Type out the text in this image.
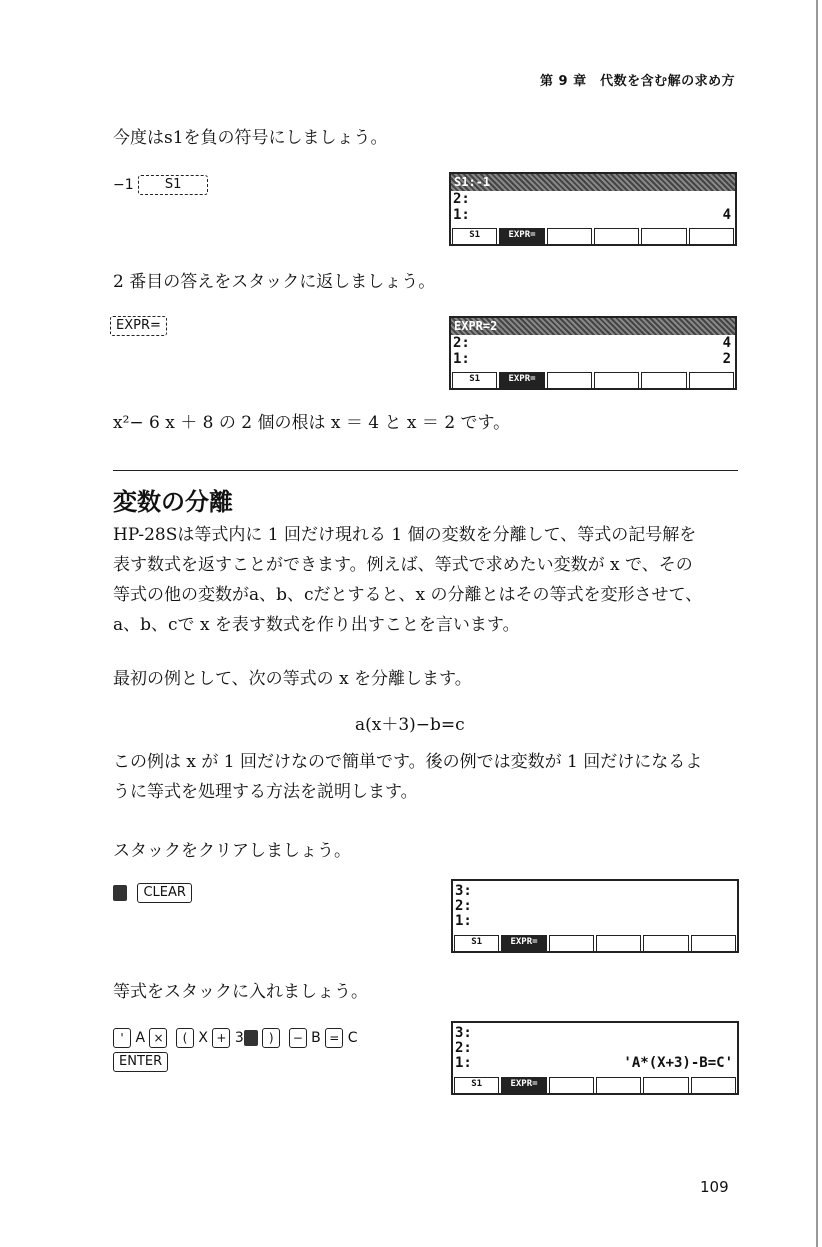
第 9 章　代数を含む解の求め方
今度はs1を負の符号にしましょう。
−1 S1	S1:-1
2:
1:	4
S1	EXPR=
2 番目の答えをスタックに返しましょう。
EXPR=	EXPR=2
2:	4
1:	2
S1	EXPR=
x²− 6 x ＋ 8 の 2 個の根は x ＝ 4 と x ＝ 2 です。
変数の分離
HP-28Sは等式内に 1 回だけ現れる 1 個の変数を分離して、等式の記号解を
表す数式を返すことができます。例えば、等式で求めたい変数が x で、その
等式の他の変数がa、b、cだとすると、x の分離とはその等式を変形させて、
a、b、cで x を表す数式を作り出すことを言います。
最初の例として、次の等式の x を分離します。
a(x＋3)−b=c
この例は x が 1 回だけなので簡単です。後の例では変数が 1 回だけになるよ
うに等式を処理する方法を説明します。
スタックをクリアしましょう。
CLEAR	3:
2:
1:
S1	EXPR=
等式をスタックに入れましょう。
' A × ( X + 3 ) − B = C
ENTER
3:
2:
1:	'A*(X+3)-B=C'
S1	EXPR=
109
